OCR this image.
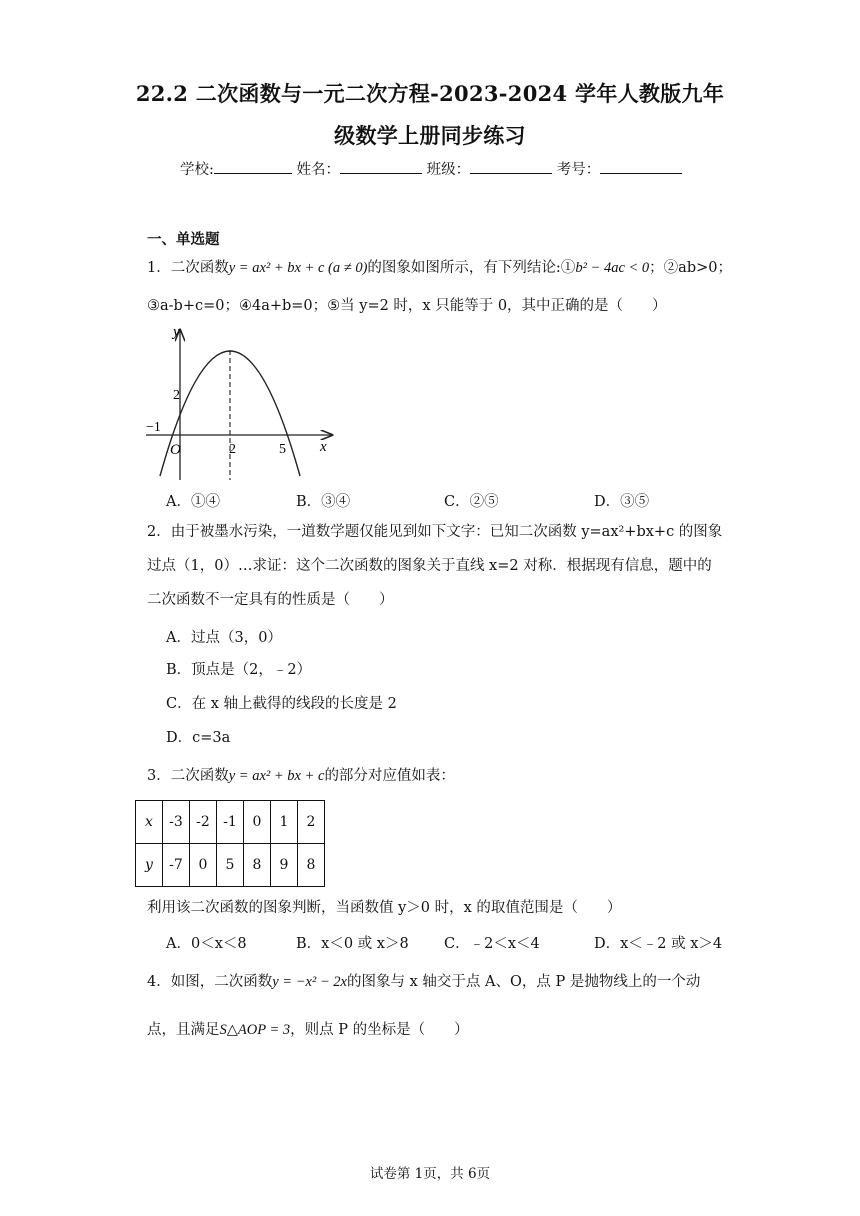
22.2 二次函数与一元二次方程-2023-2024 学年人教版九年
级数学上册同步练习
学校:	姓名：	班级：	考号：
一、单选题
1．二次函数y = ax² + bx + c (a ≠ 0)的图象如图所示，有下列结论:①b² − 4ac < 0；②ab>0；
③a-b+c=0；④4a+b=0；⑤当 y=2 时，x 只能等于 0，其中正确的是（　　）
y
x
O
−1
2
2	5
A．①④	B．③④	C．②⑤	D．③⑤
2．由于被墨水污染，一道数学题仅能见到如下文字：已知二次函数 y=ax²+bx+c 的图象
过点（1，0）…求证：这个二次函数的图象关于直线 x=2 对称．根据现有信息，题中的
二次函数不一定具有的性质是（　　）
A．过点（3，0）
B．顶点是（2，﹣2）
C．在 x 轴上截得的线段的长度是 2
D．c=3a
3．二次函数y = ax² + bx + c的部分对应值如表：
x	-3	-2	-1	0	1	2
y	-7	0	5	8	9	8
利用该二次函数的图象判断，当函数值 y＞0 时，x 的取值范围是（　　）
A．0＜x＜8	B．x＜0 或 x＞8 C．﹣2＜x＜4	D．x＜﹣2 或 x＞4
4．如图，二次函数y = −x² − 2x的图象与 x 轴交于点 A、O，点 P 是抛物线上的一个动
点，且满足S△AOP = 3，则点 P 的坐标是（　　）
试卷第 1页，共 6页
